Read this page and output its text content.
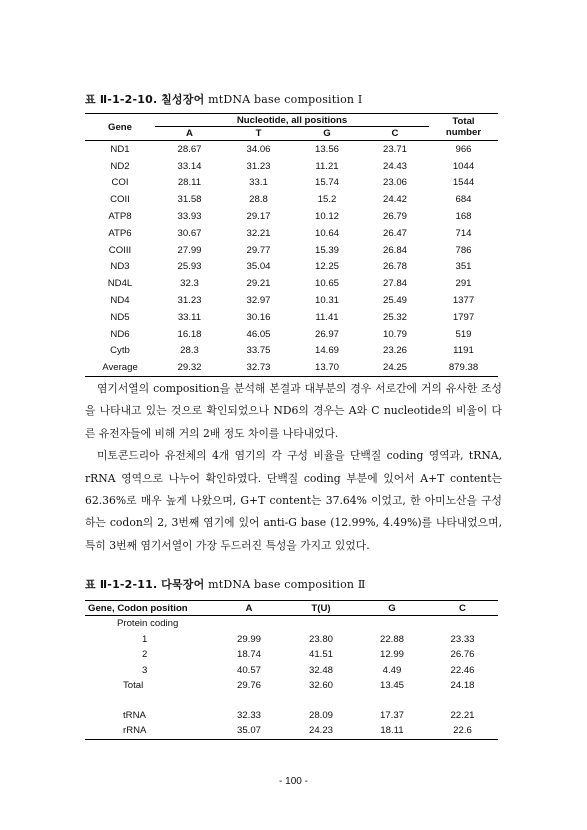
표 Ⅱ-1-2-10. 칠성장어 mtDNA base composition Ⅰ
Gene	Nucleotide, all positions				Total
number
	A	T	G	C	
ND1	28.67	34.06	13.56	23.71	966
ND2	33.14	31.23	11.21	24.43	1044
COI	28.11	33.1	15.74	23.06	1544
COII	31.58	28.8	15.2	24.42	684
ATP8	33.93	29.17	10.12	26.79	168
ATP6	30.67	32.21	10.64	26.47	714
COIII	27.99	29.77	15.39	26.84	786
ND3	25.93	35.04	12.25	26.78	351
ND4L	32.3	29.21	10.65	27.84	291
ND4	31.23	32.97	10.31	25.49	1377
ND5	33.11	30.16	11.41	25.32	1797
ND6	16.18	46.05	26.97	10.79	519
Cytb	28.3	33.75	14.69	23.26	1191
Average	29.32	32.73	13.70	24.25	879.38

염기서열의 composition을 분석해 본결과 대부분의 경우 서로간에 거의 유사한 조성을 나타내고 있는 것으로 확인되었으나 ND6의 경우는 A와 C nucleotide의 비율이 다른 유전자들에 비해 거의 2배 정도 차이를 나타내었다.

미토콘드리아 유전체의 4개 염기의 각 구성 비율을 단백질 coding 영역과, tRNA, rRNA 영역으로 나누어 확인하였다. 단백질 coding 부분에 있어서 A+T content는 62.36%로 매우 높게 나왔으며, G+T content는 37.64% 이었고, 한 아미노산을 구성하는 codon의 2, 3번째 염기에 있어 anti-G base (12.99%, 4.49%)를 나타내었으며, 특히 3번째 염기서열이 가장 두드러진 특성을 가지고 있었다.

표 Ⅱ-1-2-11. 다묵장어 mtDNA base composition Ⅱ
Gene, Codon position	A	T(U)	G	C
Protein coding				
1	29.99	23.80	22.88	23.33
2	18.74	41.51	12.99	26.76
3	40.57	32.48	4.49	22.46
Total	29.76	32.60	13.45	24.18
tRNA	32.33	28.09	17.37	22.21
rRNA	35.07	24.23	18.11	22.6
- 100 -
